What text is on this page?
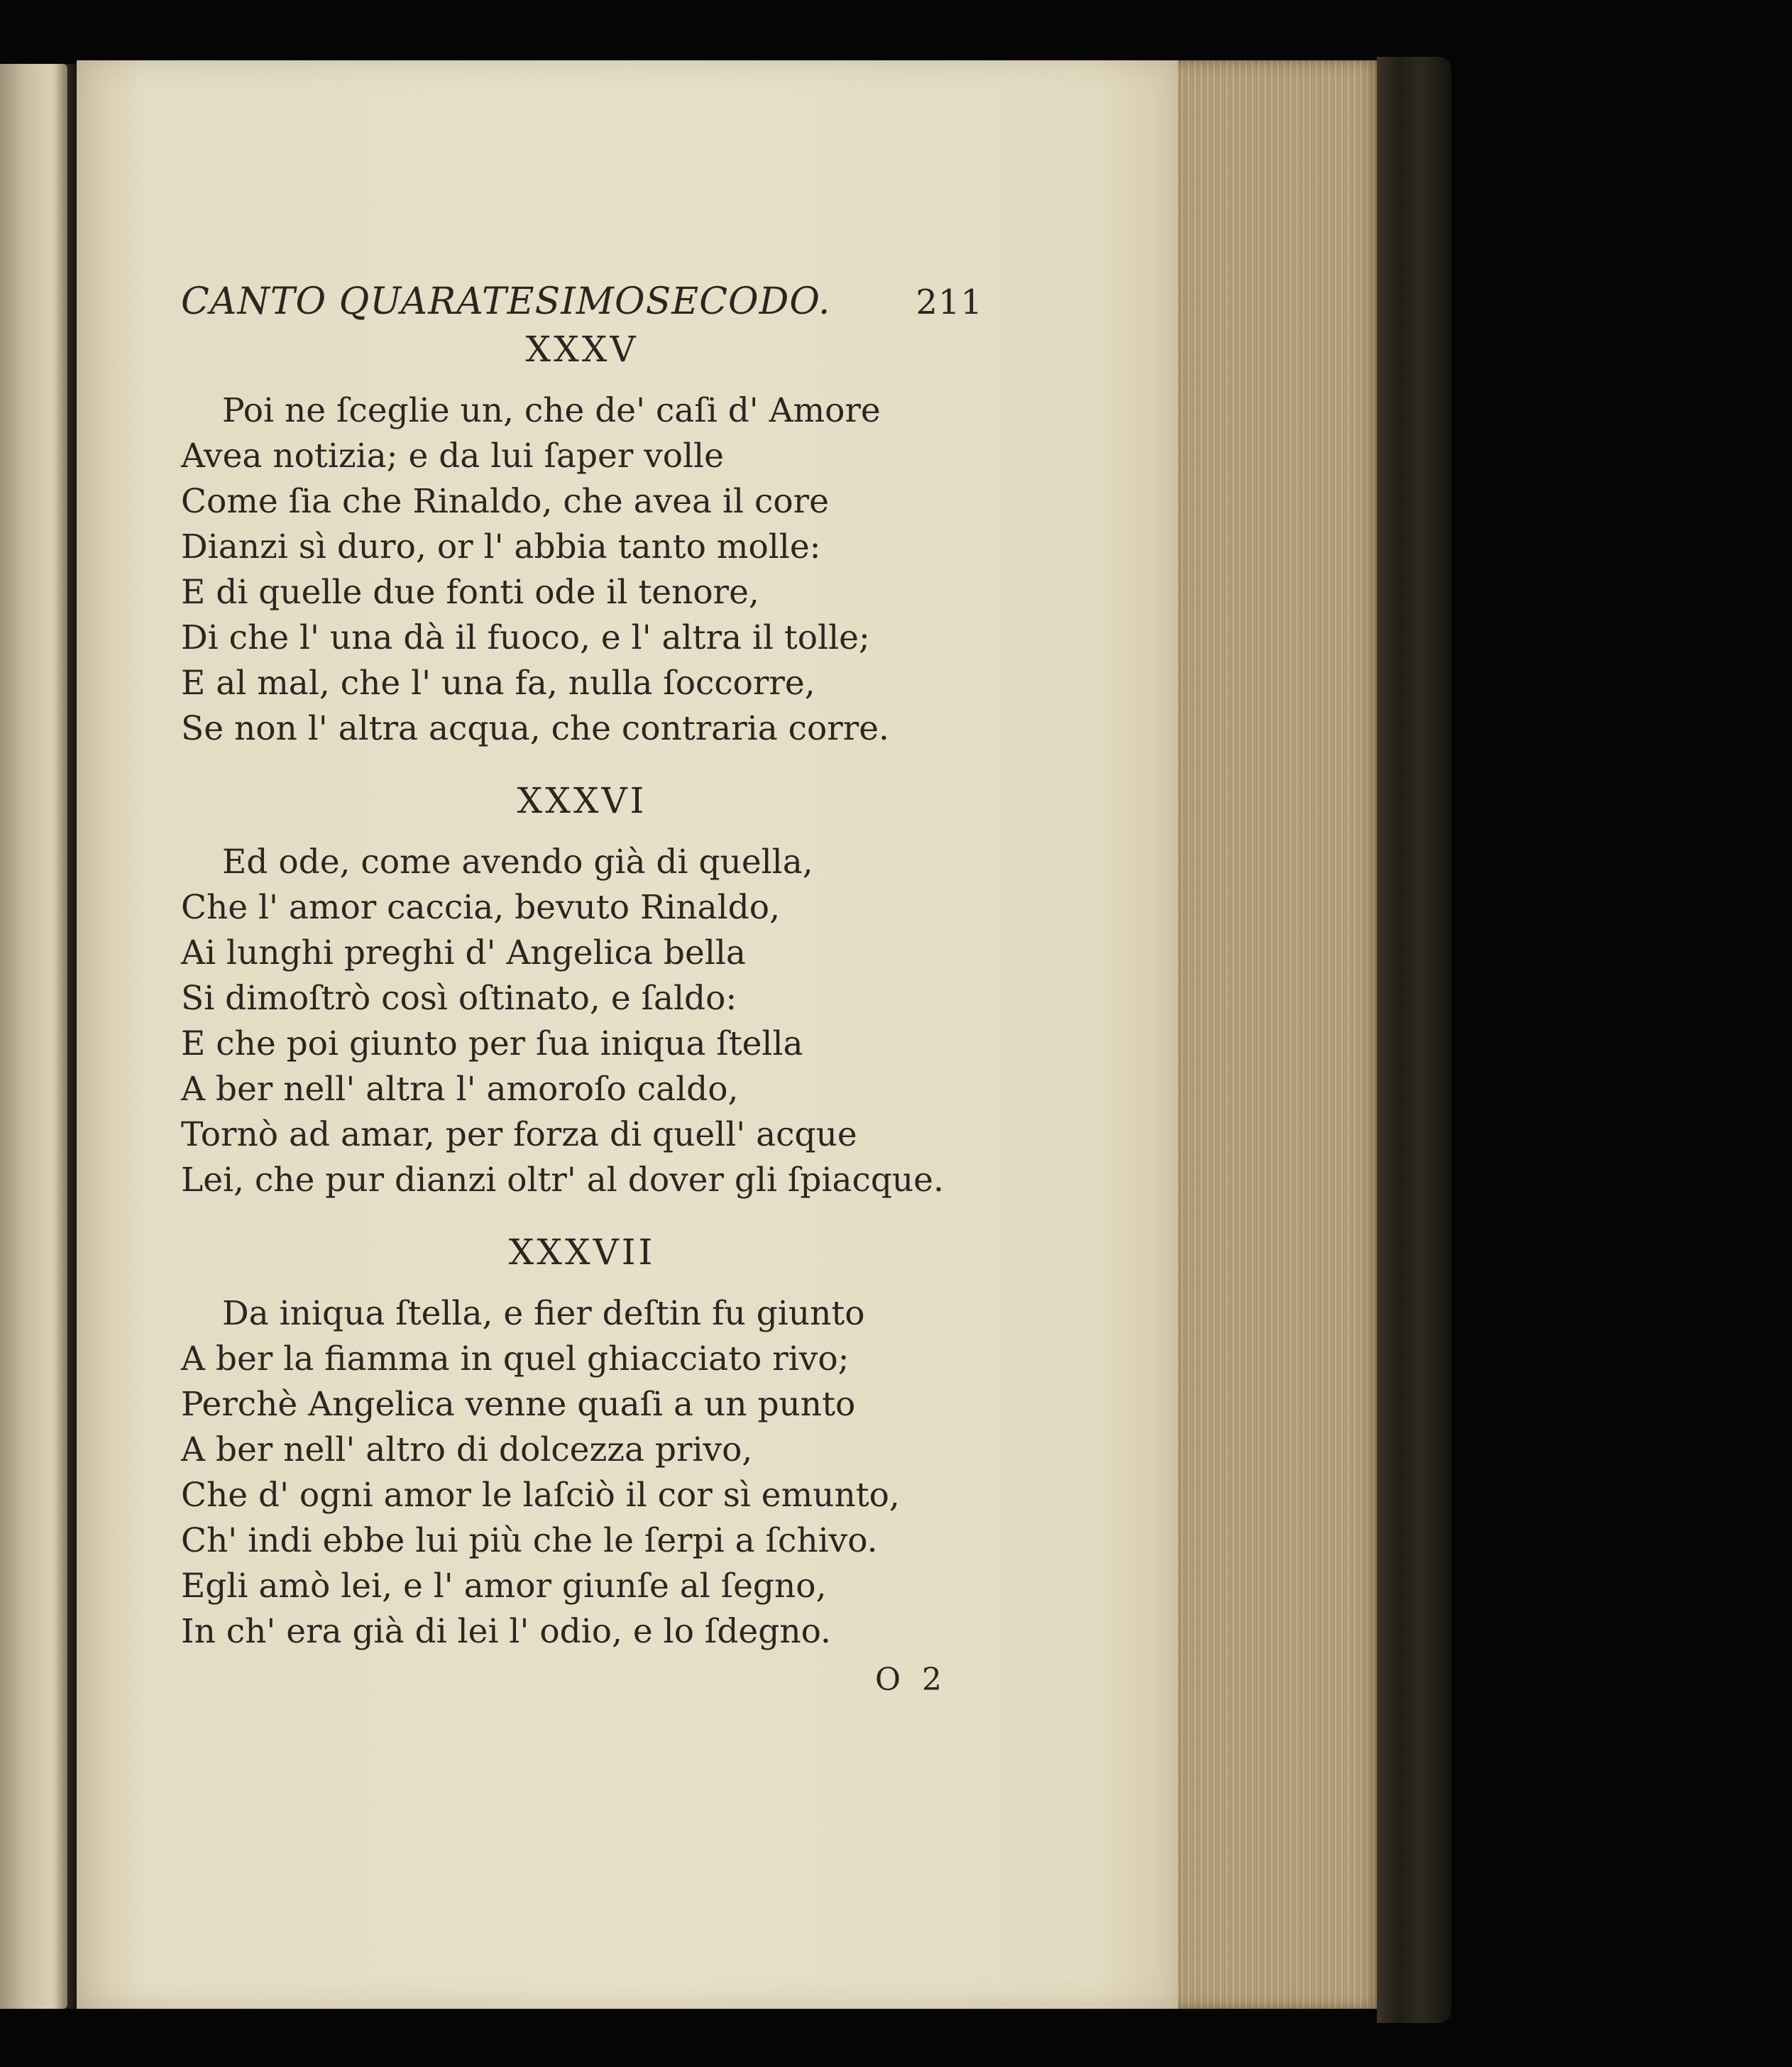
CANTO QUARATESIMOSECODO. 211
XXXV
Poi ne ſceglie un, che de' caſi d' Amore
Avea notizia; e da lui ſaper volle
Come ſia che Rinaldo, che avea il core
Dianzi sì duro, or l' abbia tanto molle:
E di quelle due fonti ode il tenore,
Di che l' una dà il fuoco, e l' altra il tolle;
E al mal, che l' una fa, nulla ſoccorre,
Se non l' altra acqua, che contraria corre.
XXXVI
Ed ode, come avendo già di quella,
Che l' amor caccia, bevuto Rinaldo,
Ai lunghi preghi d' Angelica bella
Si dimoſtrò così oſtinato, e ſaldo:
E che poi giunto per ſua iniqua ſtella
A ber nell' altra l' amoroſo caldo,
Tornò ad amar, per forza di quell' acque
Lei, che pur dianzi oltr' al dover gli ſpiacque.
XXXVII
Da iniqua ſtella, e fier deſtin fu giunto
A ber la fiamma in quel ghiacciato rivo;
Perchè Angelica venne quaſi a un punto
A ber nell' altro di dolcezza privo,
Che d' ogni amor le laſciò il cor sì emunto,
Ch' indi ebbe lui più che le ſerpi a ſchivo.
Egli amò lei, e l' amor giunſe al ſegno,
In ch' era già di lei l' odio, e lo ſdegno.
O 2
